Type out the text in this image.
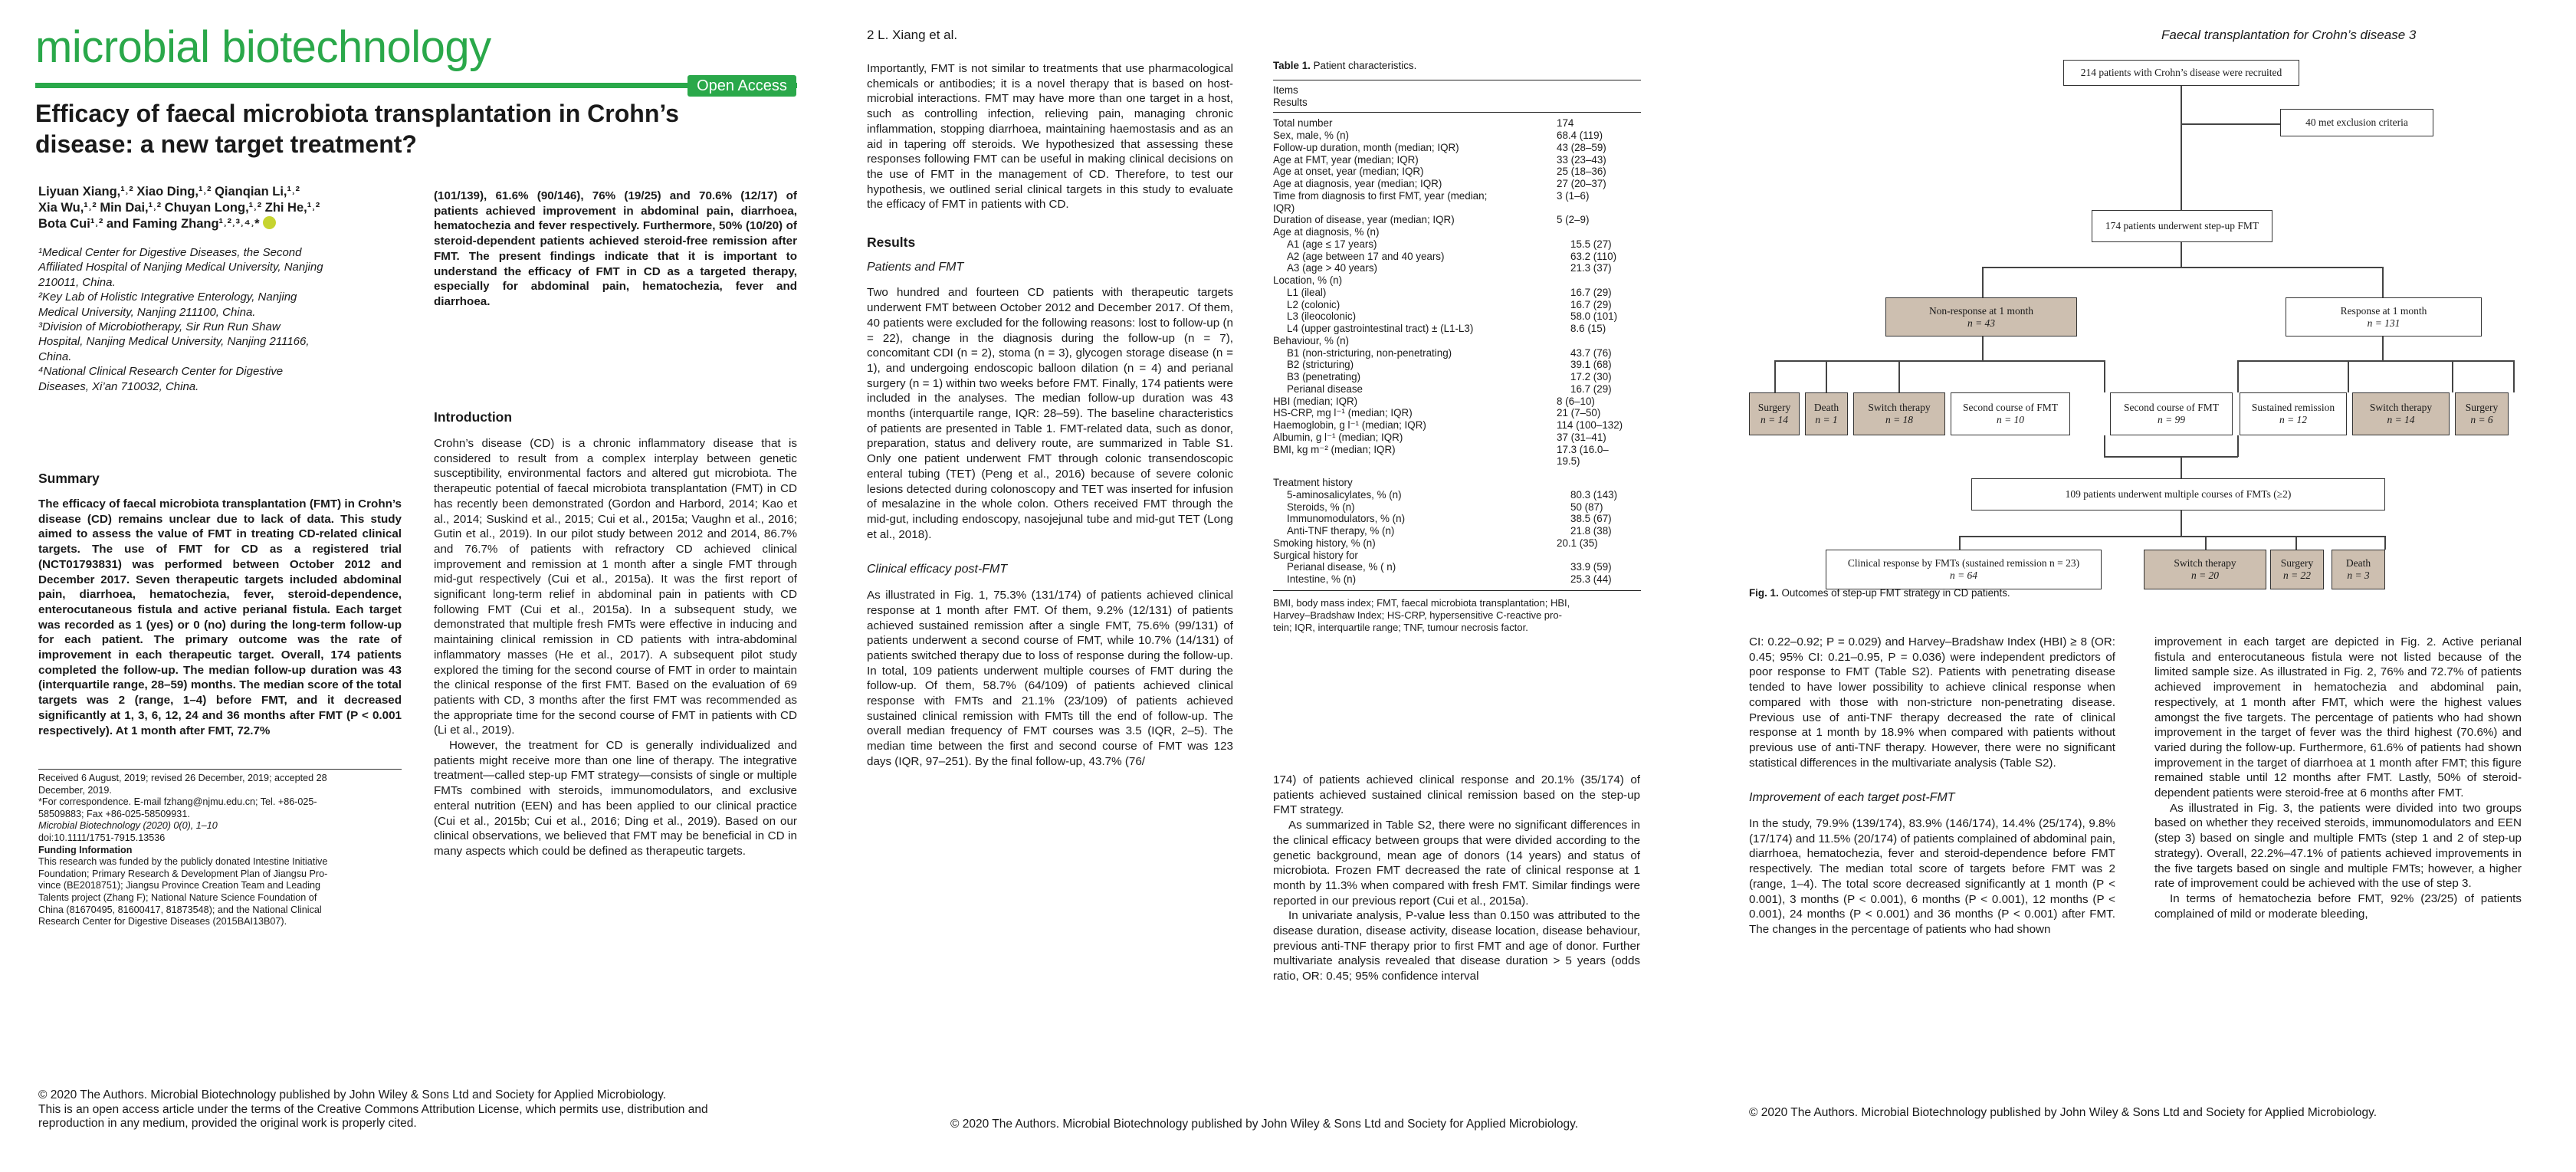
microbial biotechnology
Open Access
Efficacy of faecal microbiota transplantation in Crohn’s
disease: a new target treatment?
Liyuan Xiang,¹˒² Xiao Ding,¹˒² Qianqian Li,¹˒²
Xia Wu,¹˒² Min Dai,¹˒² Chuyan Long,¹˒² Zhi He,¹˒²
Bota Cui¹˒² and Faming Zhang¹˒²˒³˒⁴˒*
¹Medical Center for Digestive Diseases, the Second
Affiliated Hospital of Nanjing Medical University, Nanjing
210011, China.
²Key Lab of Holistic Integrative Enterology, Nanjing
Medical University, Nanjing 211100, China.
³Division of Microbiotherapy, Sir Run Run Shaw
Hospital, Nanjing Medical University, Nanjing 211166,
China.
⁴National Clinical Research Center for Digestive
Diseases, Xi’an 710032, China.
Summary
The efficacy of faecal microbiota transplantation (FMT) in Crohn’s disease (CD) remains unclear due to lack of data. This study aimed to assess the value of FMT in treating CD-related clinical targets. The use of FMT for CD as a registered trial (NCT01793831) was performed between October 2012 and December 2017. Seven therapeutic targets included abdominal pain, diarrhoea, hematochezia, fever, steroid-dependence, enterocutaneous fistula and active perianal fistula. Each target was recorded as 1 (yes) or 0 (no) during the long-term follow-up for each patient. The primary outcome was the rate of improvement in each therapeutic target. Overall, 174 patients completed the follow-up. The median follow-up duration was 43 (interquartile range, 28–59) months. The median score of the total targets was 2 (range, 1–4) before FMT, and it decreased significantly at 1, 3, 6, 12, 24 and 36 months after FMT (P < 0.001 respectively). At 1 month after FMT, 72.7%
(101/139), 61.6% (90/146), 76% (19/25) and 70.6% (12/17) of patients achieved improvement in abdominal pain, diarrhoea, hematochezia and fever respectively. Furthermore, 50% (10/20) of steroid-dependent patients achieved steroid-free remission after FMT. The present findings indicate that it is important to understand the efficacy of FMT in CD as a targeted therapy, especially for abdominal pain, hematochezia, fever and diarrhoea.
Introduction

Crohn’s disease (CD) is a chronic inflammatory disease that is considered to result from a complex interplay between genetic susceptibility, environmental factors and altered gut microbiota. The therapeutic potential of faecal microbiota transplantation (FMT) in CD has recently been demonstrated (Gordon and Harbord, 2014; Kao et al., 2014; Suskind et al., 2015; Cui et al., 2015a; Vaughn et al., 2016; Gutin et al., 2019). In our pilot study between 2012 and 2014, 86.7% and 76.7% of patients with refractory CD achieved clinical improvement and remission at 1 month after a single FMT through mid-gut respectively (Cui et al., 2015a). It was the first report of significant long-term relief in abdominal pain in patients with CD following FMT (Cui et al., 2015a). In a subsequent study, we demonstrated that multiple fresh FMTs were effective in inducing and maintaining clinical remission in CD patients with intra-abdominal inflammatory masses (He et al., 2017). A subsequent pilot study explored the timing for the second course of FMT in order to maintain the clinical response of the first FMT. Based on the evaluation of 69 patients with CD, 3 months after the first FMT was recommended as the appropriate time for the second course of FMT in patients with CD (Li et al., 2019).

However, the treatment for CD is generally individualized and patients might receive more than one line of therapy. The integrative treatment—called step-up FMT strategy—consists of single or multiple FMTs combined with steroids, immunomodulators, and exclusive enteral nutrition (EEN) and has been applied to our clinical practice (Cui et al., 2015b; Cui et al., 2016; Ding et al., 2019). Based on our clinical observations, we believed that FMT may be beneficial in CD in many aspects which could be defined as therapeutic targets.

Received 6 August, 2019; revised 26 December, 2019; accepted 28
December, 2019.
*For correspondence. E-mail fzhang@njmu.edu.cn; Tel. +86-025-
58509883; Fax +86-025-58509931.
Microbial Biotechnology (2020) 0(0), 1–10
doi:10.1111/1751-7915.13536
Funding Information
This research was funded by the publicly donated Intestine Initiative
Foundation; Primary Research & Development Plan of Jiangsu Pro-
vince (BE2018751); Jiangsu Province Creation Team and Leading
Talents project (Zhang F); National Nature Science Foundation of
China (81670495, 81600417, 81873548); and the National Clinical
Research Center for Digestive Diseases (2015BAI13B07).
© 2020 The Authors. Microbial Biotechnology published by John Wiley & Sons Ltd and Society for Applied Microbiology.
This is an open access article under the terms of the Creative Commons Attribution License, which permits use, distribution and
reproduction in any medium, provided the original work is properly cited.
2 L. Xiang et al.

Importantly, FMT is not similar to treatments that use pharmacological chemicals or antibodies; it is a novel therapy that is based on host-microbial interactions. FMT may have more than one target in a host, such as controlling infection, relieving pain, managing chronic inflammation, stopping diarrhoea, maintaining haemostasis and as an aid in tapering off steroids. We hypothesized that assessing these responses following FMT can be useful in making clinical decisions on the use of FMT in the management of CD. Therefore, to test our hypothesis, we outlined serial clinical targets in this study to evaluate the efficacy of FMT in patients with CD.

Results
Patients and FMT

Two hundred and fourteen CD patients with therapeutic targets underwent FMT between October 2012 and December 2017. Of them, 40 patients were excluded for the following reasons: lost to follow-up (n = 22), change in the diagnosis during the follow-up (n = 7), concomitant CDI (n = 2), stoma (n = 3), glycogen storage disease (n = 1), and undergoing endoscopic balloon dilation (n = 4) and perianal surgery (n = 1) within two weeks before FMT. Finally, 174 patients were included in the analyses. The median follow-up duration was 43 months (interquartile range, IQR: 28–59). The baseline characteristics of patients are presented in Table 1. FMT-related data, such as donor, preparation, status and delivery route, are summarized in Table S1. Only one patient underwent FMT through colonic transendoscopic enteral tubing (TET) (Peng et al., 2016) because of severe colonic lesions detected during colonoscopy and TET was inserted for infusion of mesalazine in the whole colon. Others received FMT through the mid-gut, including endoscopy, nasojejunal tube and mid-gut TET (Long et al., 2018).

Clinical efficacy post-FMT

As illustrated in Fig. 1, 75.3% (131/174) of patients achieved clinical response at 1 month after FMT. Of them, 9.2% (12/131) of patients achieved sustained remission after a single FMT, 75.6% (99/131) of patients underwent a second course of FMT, while 10.7% (14/131) of patients switched therapy due to loss of response during the follow-up. In total, 109 patients underwent multiple courses of FMT during the follow-up. Of them, 58.7% (64/109) of patients achieved clinical response with FMTs and 21.1% (23/109) of patients achieved sustained clinical remission with FMTs till the end of follow-up. The overall median frequency of FMT courses was 3.5 (IQR, 2–5). The median time between the first and second course of FMT was 123 days (IQR, 97–251). By the final follow-up, 43.7% (76/

Table 1. Patient characteristics.
Items
Results
Total number	174
Sex, male, % (n)	68.4 (119)
Follow-up duration, month (median; IQR)	43 (28–59)
Age at FMT, year (median; IQR)	33 (23–43)
Age at onset, year (median; IQR)	25 (18–36)
Age at diagnosis, year (median; IQR)	27 (20–37)
Time from diagnosis to first FMT, year (median;	3 (1–6)
IQR)
Duration of disease, year (median; IQR)	5 (2–9)
Age at diagnosis, % (n)
A1 (age ≤ 17 years)	15.5 (27)
A2 (age between 17 and 40 years)	63.2 (110)
A3 (age > 40 years)	21.3 (37)
Location, % (n)
L1 (ileal)	16.7 (29)
L2 (colonic)	16.7 (29)
L3 (ileocolonic)	58.0 (101)
L4 (upper gastrointestinal tract) ± (L1-L3)	8.6 (15)
Behaviour, % (n)
B1 (non-stricturing, non-penetrating)	43.7 (76)
B2 (stricturing)	39.1 (68)
B3 (penetrating)	17.2 (30)
Perianal disease	16.7 (29)
HBI (median; IQR)	8 (6–10)
HS-CRP, mg l⁻¹ (median; IQR)	21 (7–50)
Haemoglobin, g l⁻¹ (median; IQR)	114 (100–132)
Albumin, g l⁻¹ (median; IQR)	37 (31–41)
BMI, kg m⁻² (median; IQR)	17.3 (16.0–
19.5)
Treatment history
5-aminosalicylates, % (n)	80.3 (143)
Steroids, % (n)	50 (87)
Immunomodulators, % (n)	38.5 (67)
Anti-TNF therapy, % (n)	21.8 (38)
Smoking history, % (n)	20.1 (35)
Surgical history for
Perianal disease, % ( n)	33.9 (59)
Intestine, % (n)	25.3 (44)
BMI, body mass index; FMT, faecal microbiota transplantation; HBI,
Harvey–Bradshaw Index; HS-CRP, hypersensitive C-reactive pro-
tein; IQR, interquartile range; TNF, tumour necrosis factor.

174) of patients achieved clinical response and 20.1% (35/174) of patients achieved sustained clinical remission based on the step-up FMT strategy.

As summarized in Table S2, there were no significant differences in the clinical efficacy between groups that were divided according to the genetic background, mean age of donors (14 years) and status of microbiota. Frozen FMT decreased the rate of clinical response at 1 month by 11.3% when compared with fresh FMT. Similar findings were reported in our previous report (Cui et al., 2015a).

In univariate analysis, P-value less than 0.150 was attributed to the disease duration, disease activity, disease location, disease behaviour, previous anti-TNF therapy prior to first FMT and age of donor. Further multivariate analysis revealed that disease duration > 5 years (odds ratio, OR: 0.45; 95% confidence interval

© 2020 The Authors. Microbial Biotechnology published by John Wiley & Sons Ltd and Society for Applied Microbiology.
Faecal transplantation for Crohn’s disease 3
214 patients with Crohn’s disease were recruited
40 met exclusion criteria
174 patients underwent step-up FMT
Non-response at 1 month
n = 43
Response at 1 month
n = 131
Surgery
n = 14
Death
n = 1
Switch therapy
n = 18
Second course of FMT
n = 10
Second course of FMT
n = 99
Sustained remission
n = 12
Switch therapy
n = 14
Surgery
n = 6
109 patients underwent multiple courses of FMTs (≥2)
Clinical response by FMTs (sustained remission n = 23)
n = 64
Switch therapy
n = 20
Surgery
n = 22
Death
n = 3
Fig. 1. Outcomes of step-up FMT strategy in CD patients.

CI: 0.22–0.92; P = 0.029) and Harvey–Bradshaw Index (HBI) ≥ 8 (OR: 0.45; 95% CI: 0.21–0.95, P = 0.036) were independent predictors of poor response to FMT (Table S2). Patients with penetrating disease tended to have lower possibility to achieve clinical response when compared with those with non-stricture non-penetrating disease. Previous use of anti-TNF therapy decreased the rate of clinical response at 1 month by 18.9% when compared with patients without previous use of anti-TNF therapy. However, there were no significant statistical differences in the multivariate analysis (Table S2).

Improvement of each target post-FMT

In the study, 79.9% (139/174), 83.9% (146/174), 14.4% (25/174), 9.8% (17/174) and 11.5% (20/174) of patients complained of abdominal pain, diarrhoea, hematochezia, fever and steroid-dependence before FMT respectively. The median total score of targets before FMT was 2 (range, 1–4). The total score decreased significantly at 1 month (P < 0.001), 3 months (P < 0.001), 6 months (P < 0.001), 12 months (P < 0.001), 24 months (P < 0.001) and 36 months (P < 0.001) after FMT. The changes in the percentage of patients who had shown

improvement in each target are depicted in Fig. 2. Active perianal fistula and enterocutaneous fistula were not listed because of the limited sample size. As illustrated in Fig. 2, 76% and 72.7% of patients achieved improvement in hematochezia and abdominal pain, respectively, at 1 month after FMT, which were the highest values amongst the five targets. The percentage of patients who had shown improvement in the target of fever was the third highest (70.6%) and varied during the follow-up. Furthermore, 61.6% of patients had shown improvement in the target of diarrhoea at 1 month after FMT; this figure remained stable until 12 months after FMT. Lastly, 50% of steroid-dependent patients were steroid-free at 6 months after FMT.

As illustrated in Fig. 3, the patients were divided into two groups based on whether they received steroids, immunomodulators and EEN (step 3) based on single and multiple FMTs (step 1 and 2 of step-up strategy). Overall, 22.2%–47.1% of patients achieved improvements in the five targets based on single and multiple FMTs; however, a higher rate of improvement could be achieved with the use of step 3.

In terms of hematochezia before FMT, 92% (23/25) of patients complained of mild or moderate bleeding,

© 2020 The Authors. Microbial Biotechnology published by John Wiley & Sons Ltd and Society for Applied Microbiology.
